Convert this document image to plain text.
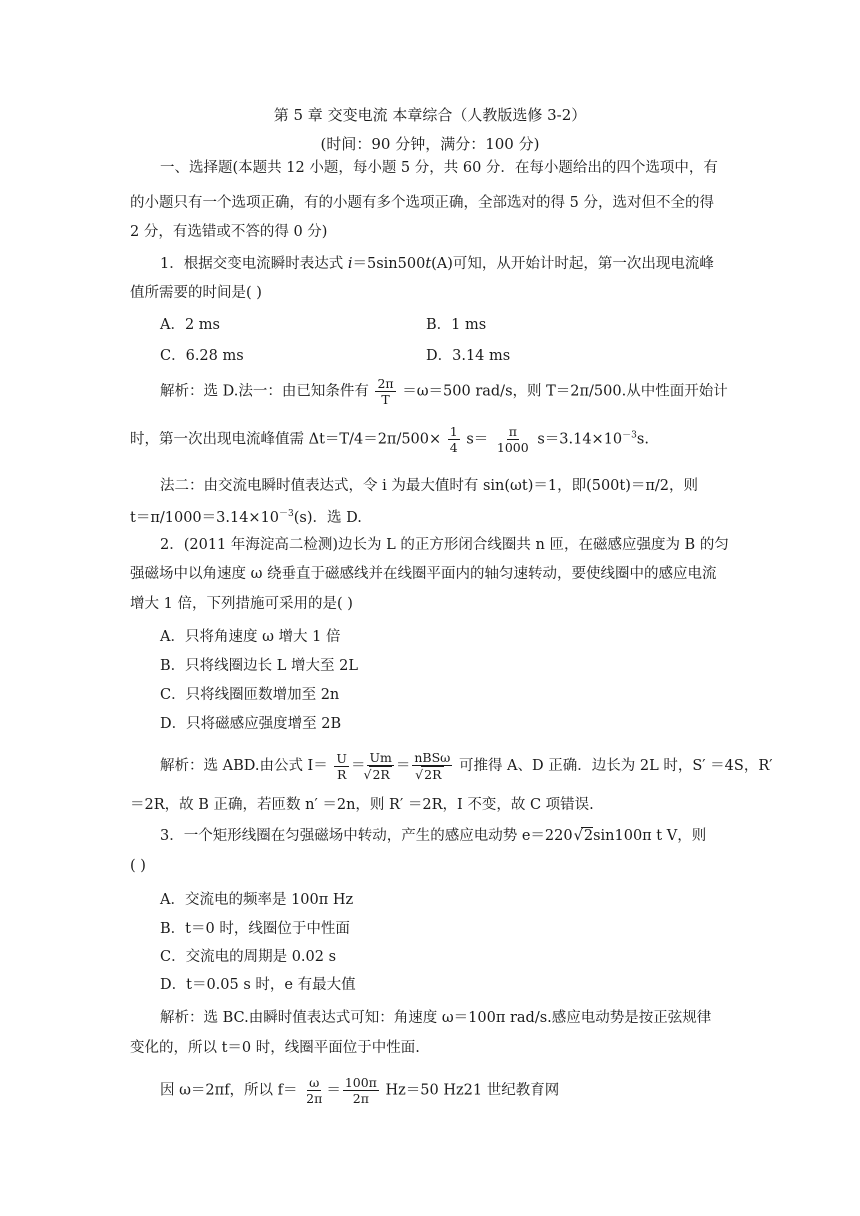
第 5 章 交变电流 本章综合（人教版选修 3-2）
(时间：90 分钟，满分：100 分)
一、选择题(本题共 12 小题，每小题 5 分，共 60 分．在每小题给出的四个选项中，有
的小题只有一个选项正确，有的小题有多个选项正确，全部选对的得 5 分，选对但不全的得
2 分，有选错或不答的得 0 分)
1．根据交变电流瞬时表达式 i＝5sin500t(A)可知，从开始计时起，第一次出现电流峰
值所需要的时间是( )
A．2 ms	B．1 ms
C．6.28 ms	D．3.14 ms
解析：选 D.法一：由已知条件有 $\frac{2\pi}{T} =\omega=500$ rad/s，则 T＝2π/500.从中性面开始计
时，第一次出现电流峰值需 $\Delta t=T/4=2\pi/500\times \frac{1}{4} s= \frac{\pi}{1000} s=3.14\times 10^{-3}s$.
法二：由交流电瞬时值表达式，令 i 为最大值时有 sin(ωt)＝1，即(500t)＝π/2，则
$t=\pi/1000=3.14\times 10^{-3}(s)$．选 D.
2．(2011 年海淀高二检测)边长为 L 的正方形闭合线圈共 n 匝，在磁感应强度为 B 的匀
强磁场中以角速度 ω 绕垂直于磁感线并在线圈平面内的轴匀速转动，要使线圈中的感应电流
增大 1 倍，下列措施可采用的是( )
A．只将角速度 ω 增大 1 倍
B．只将线圈边长 L 增大至 2L
C．只将线圈匝数增加至 2n
D．只将磁感应强度增至 2B
解析：选 ABD.由公式 $I= \frac{U}{R} = Um$
√ 2R ＝ nBSω
√ 2R 可推得 A、D 正确．边长为 2L 时，S′ ＝4S，R′
＝2R，故 B 正确，若匝数 n′ ＝2n，则 R′ ＝2R，I 不变，故 C 项错误.
3．一个矩形线圈在匀强磁场中转动，产生的感应电动势 e＝220√ 2sin100π t V，则
( )
A．交流电的频率是 100π Hz
B．t＝0 时，线圈位于中性面
C．交流电的周期是 0.02 s
D．t＝0.05 s 时，e 有最大值
解析：选 BC.由瞬时值表达式可知：角速度 ω＝100π rad/s.感应电动势是按正弦规律
变化的，所以 t＝0 时，线圈平面位于中性面.
因 ω＝2πf，所以 $f= \frac{\omega}{2\pi} = \frac{100\pi}{2\pi} Hz=50$ Hz21 世纪教育网
